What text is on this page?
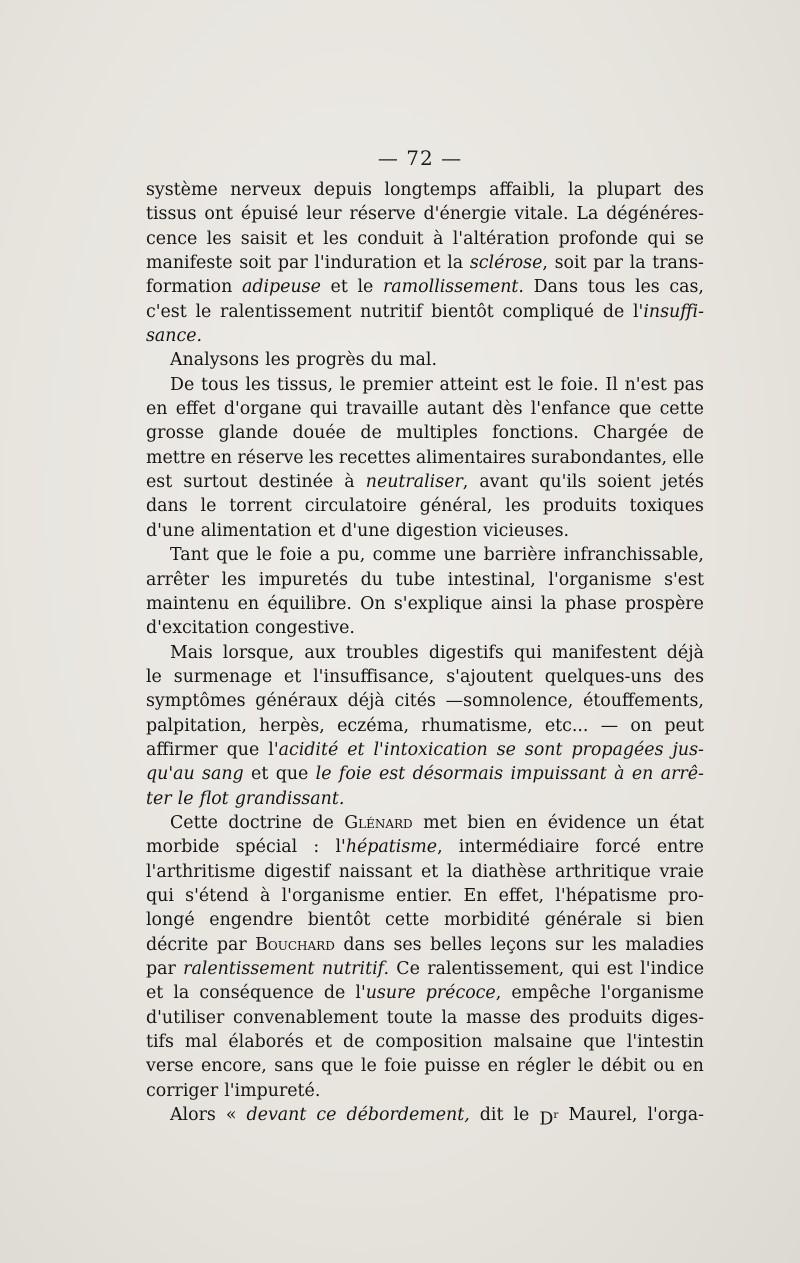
— 72 —
système nerveux depuis longtemps affaibli, la plupart des
tissus ont épuisé leur réserve d'énergie vitale. La dégénéres-
cence les saisit et les conduit à l'altération profonde qui se
manifeste soit par l'induration et la sclérose, soit par la trans-
formation adipeuse et le ramollissement. Dans tous les cas,
c'est le ralentissement nutritif bientôt compliqué de l'insuffi-
sance.
Analysons les progrès du mal.
De tous les tissus, le premier atteint est le foie. Il n'est pas
en effet d'organe qui travaille autant dès l'enfance que cette
grosse glande douée de multiples fonctions. Chargée de
mettre en réserve les recettes alimentaires surabondantes, elle
est surtout destinée à neutraliser, avant qu'ils soient jetés
dans le torrent circulatoire général, les produits toxiques
d'une alimentation et d'une digestion vicieuses.
Tant que le foie a pu, comme une barrière infranchissable,
arrêter les impuretés du tube intestinal, l'organisme s'est
maintenu en équilibre. On s'explique ainsi la phase prospère
d'excitation congestive.
Mais lorsque, aux troubles digestifs qui manifestent déjà
le surmenage et l'insuffisance, s'ajoutent quelques-uns des
symptômes généraux déjà cités —somnolence, étouffements,
palpitation, herpès, eczéma, rhumatisme, etc... — on peut
affirmer que l'acidité et l'intoxication se sont propagées jus-
qu'au sang et que le foie est désormais impuissant à en arrê-
ter le flot grandissant.
Cette doctrine de Glénard met bien en évidence un état
morbide spécial : l'hépatisme, intermédiaire forcé entre
l'arthritisme digestif naissant et la diathèse arthritique vraie
qui s'étend à l'organisme entier. En effet, l'hépatisme pro-
longé engendre bientôt cette morbidité générale si bien
décrite par Bouchard dans ses belles leçons sur les maladies
par ralentissement nutritif. Ce ralentissement, qui est l'indice
et la conséquence de l'usure précoce, empêche l'organisme
d'utiliser convenablement toute la masse des produits diges-
tifs mal élaborés et de composition malsaine que l'intestin
verse encore, sans que le foie puisse en régler le débit ou en
corriger l'impureté.
Alors « devant ce débordement, dit le $D^r$ Maurel, l'orga-
